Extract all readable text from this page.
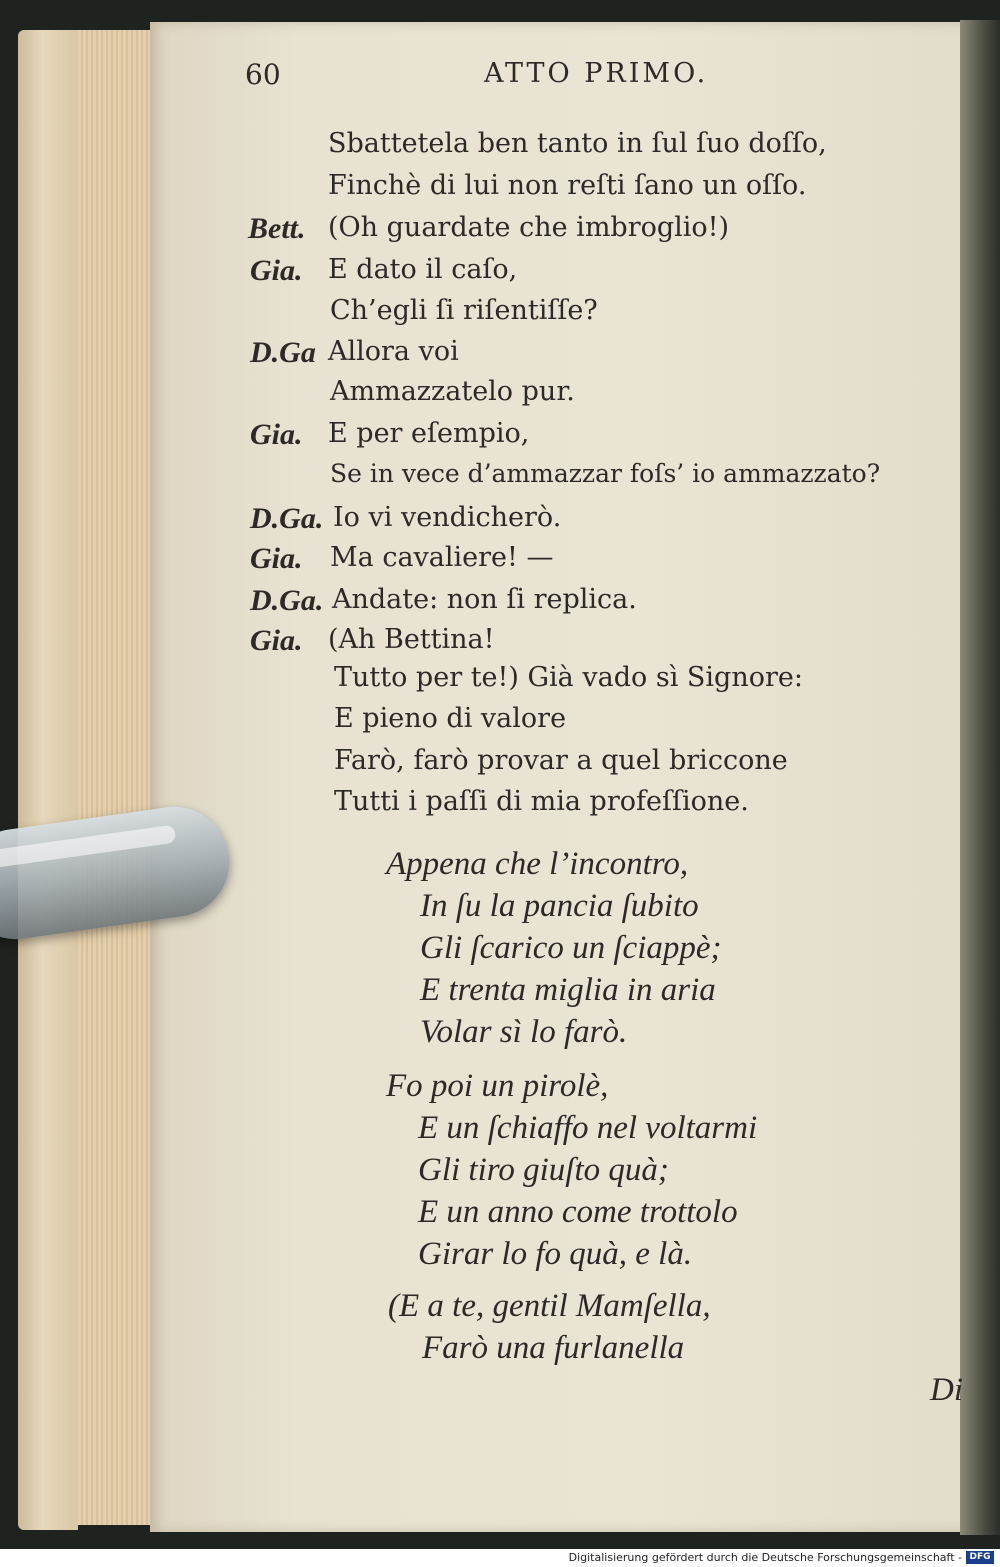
60	ATTO PRIMO.
Sbattetela ben tanto in ſul ſuo doſſo,
Finchè di lui non reſti ſano un oſſo.
Bett. (Oh guardate che imbroglio!)
Gia. E dato il caſo,
Ch’egli ſi riſentiſſe?
D.Ga Allora voi
Ammazzatelo pur.
Gia. E per eſempio,
Se in vece d’ammazzar foſs’ io ammazzato?
D.Ga. Io vi vendicherò.
Gia. Ma cavaliere! —
D.Ga. Andate: non ſi replica.
Gia. (Ah Bettina!
Tutto per te!) Già vado sì Signore:
E pieno di valore
Farò, farò provar a quel briccone
Tutti i paſſi di mia profeſſione.
Appena che l’incontro,
In ſu la pancia ſubito
Gli ſcarico un ſciappè;
E trenta miglia in aria
Volar sì lo farò.
Fo poi un pirolè,
E un ſchiaffo nel voltarmi
Gli tiro giuſto quà;
E un anno come trottolo
Girar lo fo quà, e là.
(E a te, gentil Mamſella,
Farò una furlanella
Di
Digitalisierung gefördert durch die Deutsche Forschungsgemeinschaft - DFG
